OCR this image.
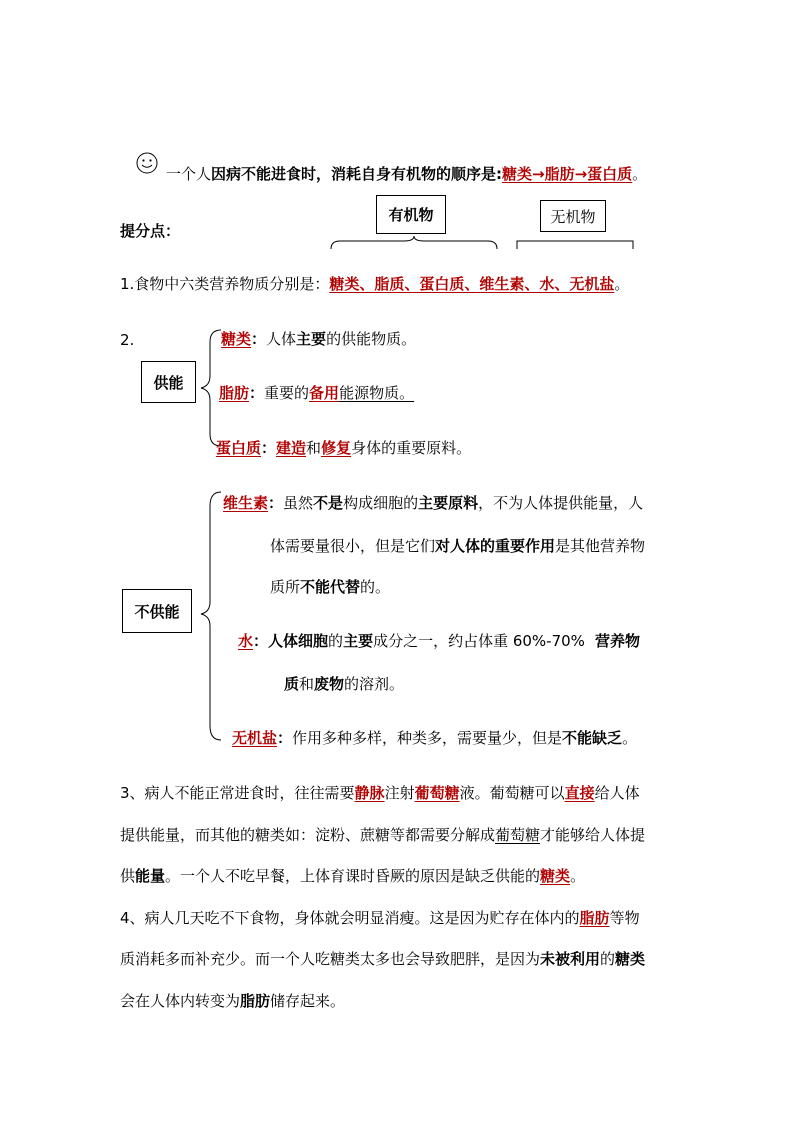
一个人因病不能进食时，消耗自身有机物的顺序是:糖类→脂肪→蛋白质。
有机物	无机物
提分点：
1.食物中六类营养物质分别是：糖类、脂质、蛋白质、维生素、水、无机盐。
2.
供能
糖类：人体主要的供能物质。
脂肪：重要的备用能源物质。
蛋白质：建造和修复身体的重要原料。
不供能
维生素：虽然不是构成细胞的主要原料，不为人体提供能量，人
体需要量很小，但是它们对人体的重要作用是其他营养物
质所不能代替的。
水：人体细胞的主要成分之一，约占体重 60%-70% 营养物
质和废物的溶剂。
无机盐：作用多种多样，种类多，需要量少，但是不能缺乏。
3、病人不能正常进食时，往往需要静脉注射葡萄糖液。葡萄糖可以直接给人体
提供能量，而其他的糖类如：淀粉、蔗糖等都需要分解成葡萄糖才能够给人体提
供能量。一个人不吃早餐，上体育课时昏厥的原因是缺乏供能的糖类。
4、病人几天吃不下食物，身体就会明显消瘦。这是因为贮存在体内的脂肪等物
质消耗多而补充少。而一个人吃糖类太多也会导致肥胖，是因为未被利用的糖类
会在人体内转变为脂肪储存起来。
